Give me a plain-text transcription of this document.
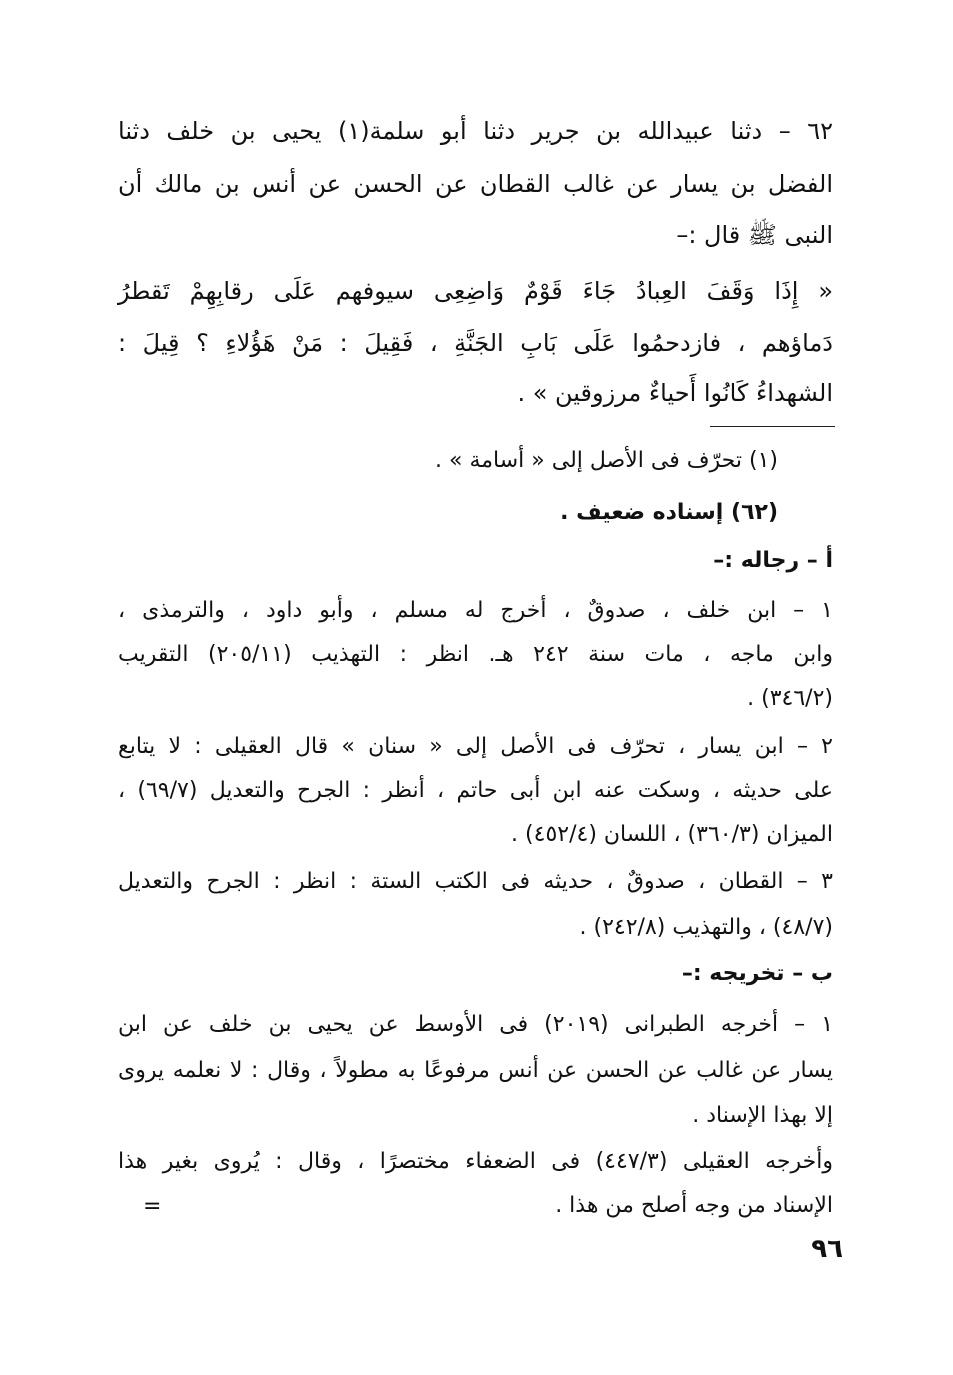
٦٢ – دثنا عبيدالله بن جرير دثنا أبو سلمة(١) يحيى بن خلف دثنا
الفضل بن يسار عن غالب القطان عن الحسن عن أنس بن مالك أن
النبى ﷺ قال :–
« إِذَا وَقَفَ العِبادُ جَاءَ قَوْمٌ وَاضِعِى سيوفهم عَلَى رقابِهِمْ تَقطرُ
دَماؤهم ، فازدحمُوا عَلَى بَابِ الجَنَّةِ ، فَقِيلَ : مَنْ هَؤُلاءِ ؟ قِيلَ :
الشهداءُ كَانُوا أَحياءٌ مرزوقين » .
(١) تحرّف فى الأصل إلى « أسامة » .
(٦٢) إسناده ضعيف .
أ – رجاله :–
١ – ابن خلف ، صدوقٌ ، أخرج له مسلم ، وأبو داود ، والترمذى ،
وابن ماجه ، مات سنة ٢٤٢ هـ. انظر : التهذيب (٢٠٥/١١) التقريب
(٣٤٦/٢) .
٢ – ابن يسار ، تحرّف فى الأصل إلى « سنان » قال العقيلى : لا يتابع
على حديثه ، وسكت عنه ابن أبى حاتم ، أنظر : الجرح والتعديل (٦٩/٧) ،
الميزان (٣٦٠/٣) ، اللسان (٤٥٢/٤) .
٣ – القطان ، صدوقٌ ، حديثه فى الكتب الستة : انظر : الجرح والتعديل
(٤٨/٧) ، والتهذيب (٢٤٢/٨) .
ب – تخريجه :–
١ – أخرجه الطبرانى (٢٠١٩) فى الأوسط عن يحيى بن خلف عن ابن
يسار عن غالب عن الحسن عن أنس مرفوعًا به مطولاً ، وقال : لا نعلمه يروى
إلا بهذا الإسناد .
وأخرجه العقيلى (٤٤٧/٣) فى الضعفاء مختصرًا ، وقال : يُروى بغير هذا
الإسناد من وجه أصلح من هذا .
=
٩٦
